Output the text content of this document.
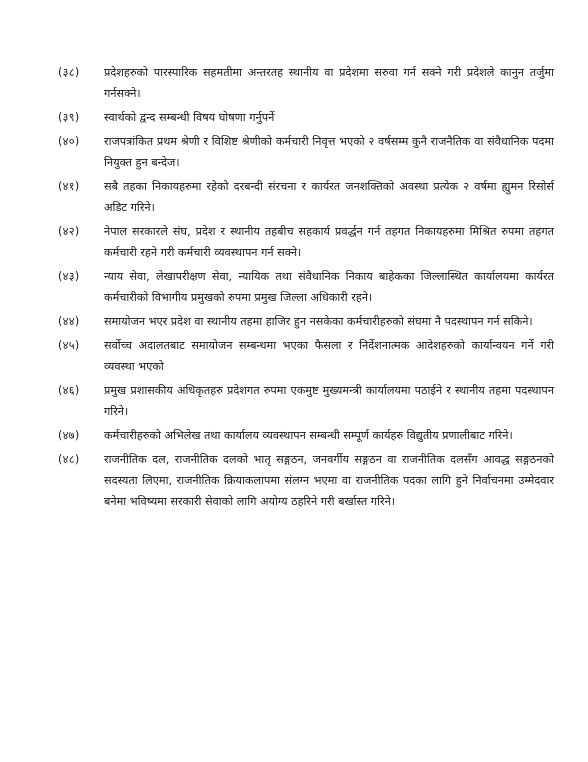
(३८)	प्रदेशहरुको पारस्पारिक सहमतीमा अन्तरतह स्थानीय वा प्रदेशमा सरुवा गर्न सक्ने गरी प्रदेशले कानुन तर्जुमा गर्नसक्ने।
(३९)	स्वार्थको द्वन्द सम्बन्धी विषय घोषणा गर्नुपर्ने
(४०)	राजपत्रांकित प्रथम श्रेणी र विशिष्ट श्रेणीको कर्मचारी निवृत्त भएको २ वर्षसम्म कुनै राजनैतिक वा संवैधानिक पदमा नियुक्त हुन बन्देज।
(४१)	सबै तहका निकायहरुमा रहेको दरबन्दी संरचना र कार्यरत जनशक्तिको अवस्था प्रत्येक २ वर्षमा ह्युमन रिसोर्स अडिट गरिने।
(४२)	नेपाल सरकारले संघ, प्रदेश र स्थानीय तहबीच सहकार्य प्रवर्द्धन गर्न तहगत निकायहरुमा मिश्रित रुपमा तहगत कर्मचारी रहने गरी कर्मचारी व्यवस्थापन गर्न सक्ने।
(४३)	न्याय सेवा, लेखापरीक्षण सेवा, न्यायिक तथा संवैधानिक निकाय बाहेकका जिल्लास्थित कार्यालयमा कार्यरत कर्मचारीको विभागीय प्रमुखको रुपमा प्रमुख जिल्ला अधिकारी रहने।
(४४)	समायोजन भएर प्रदेश वा स्थानीय तहमा हाजिर हुन नसकेका कर्मचारीहरुको संघमा नै पदस्थापन गर्न सकिने।
(४५)	सर्वोच्च अदालतबाट समायोजन सम्बन्धमा भएका फैसला र निर्देशनात्मक आदेशहरुको कार्यान्वयन गर्ने गरी व्यवस्था भएको
(४६)	प्रमुख प्रशासकीय अधिकृतहरु प्रदेशगत रुपमा एकमुष्ट मुख्यमन्त्री कार्यालयमा पठाईने र स्थानीय तहमा पदस्थापन गरिने।
(४७)	कर्मचारीहरुको अभिलेख तथा कार्यालय व्यवस्थापन सम्बन्धी सम्पूर्ण कार्यहरु विद्युतीय प्रणालीबाट गरिने।
(४८)	राजनीतिक दल, राजनीतिक दलको भातृ सङ्गठन, जनवर्गीय सङ्गठन वा राजनीतिक दलसँग आवद्ध सङ्गठनको सदस्यता लिएमा, राजनीतिक क्रियाकलापमा संलग्न भएमा वा राजनीतिक पदका लागि हुने निर्वाचनमा उम्मेदवार बनेमा भविष्यमा सरकारी सेवाको लागि अयोग्य ठहरिने गरी बर्खास्त गरिने।
